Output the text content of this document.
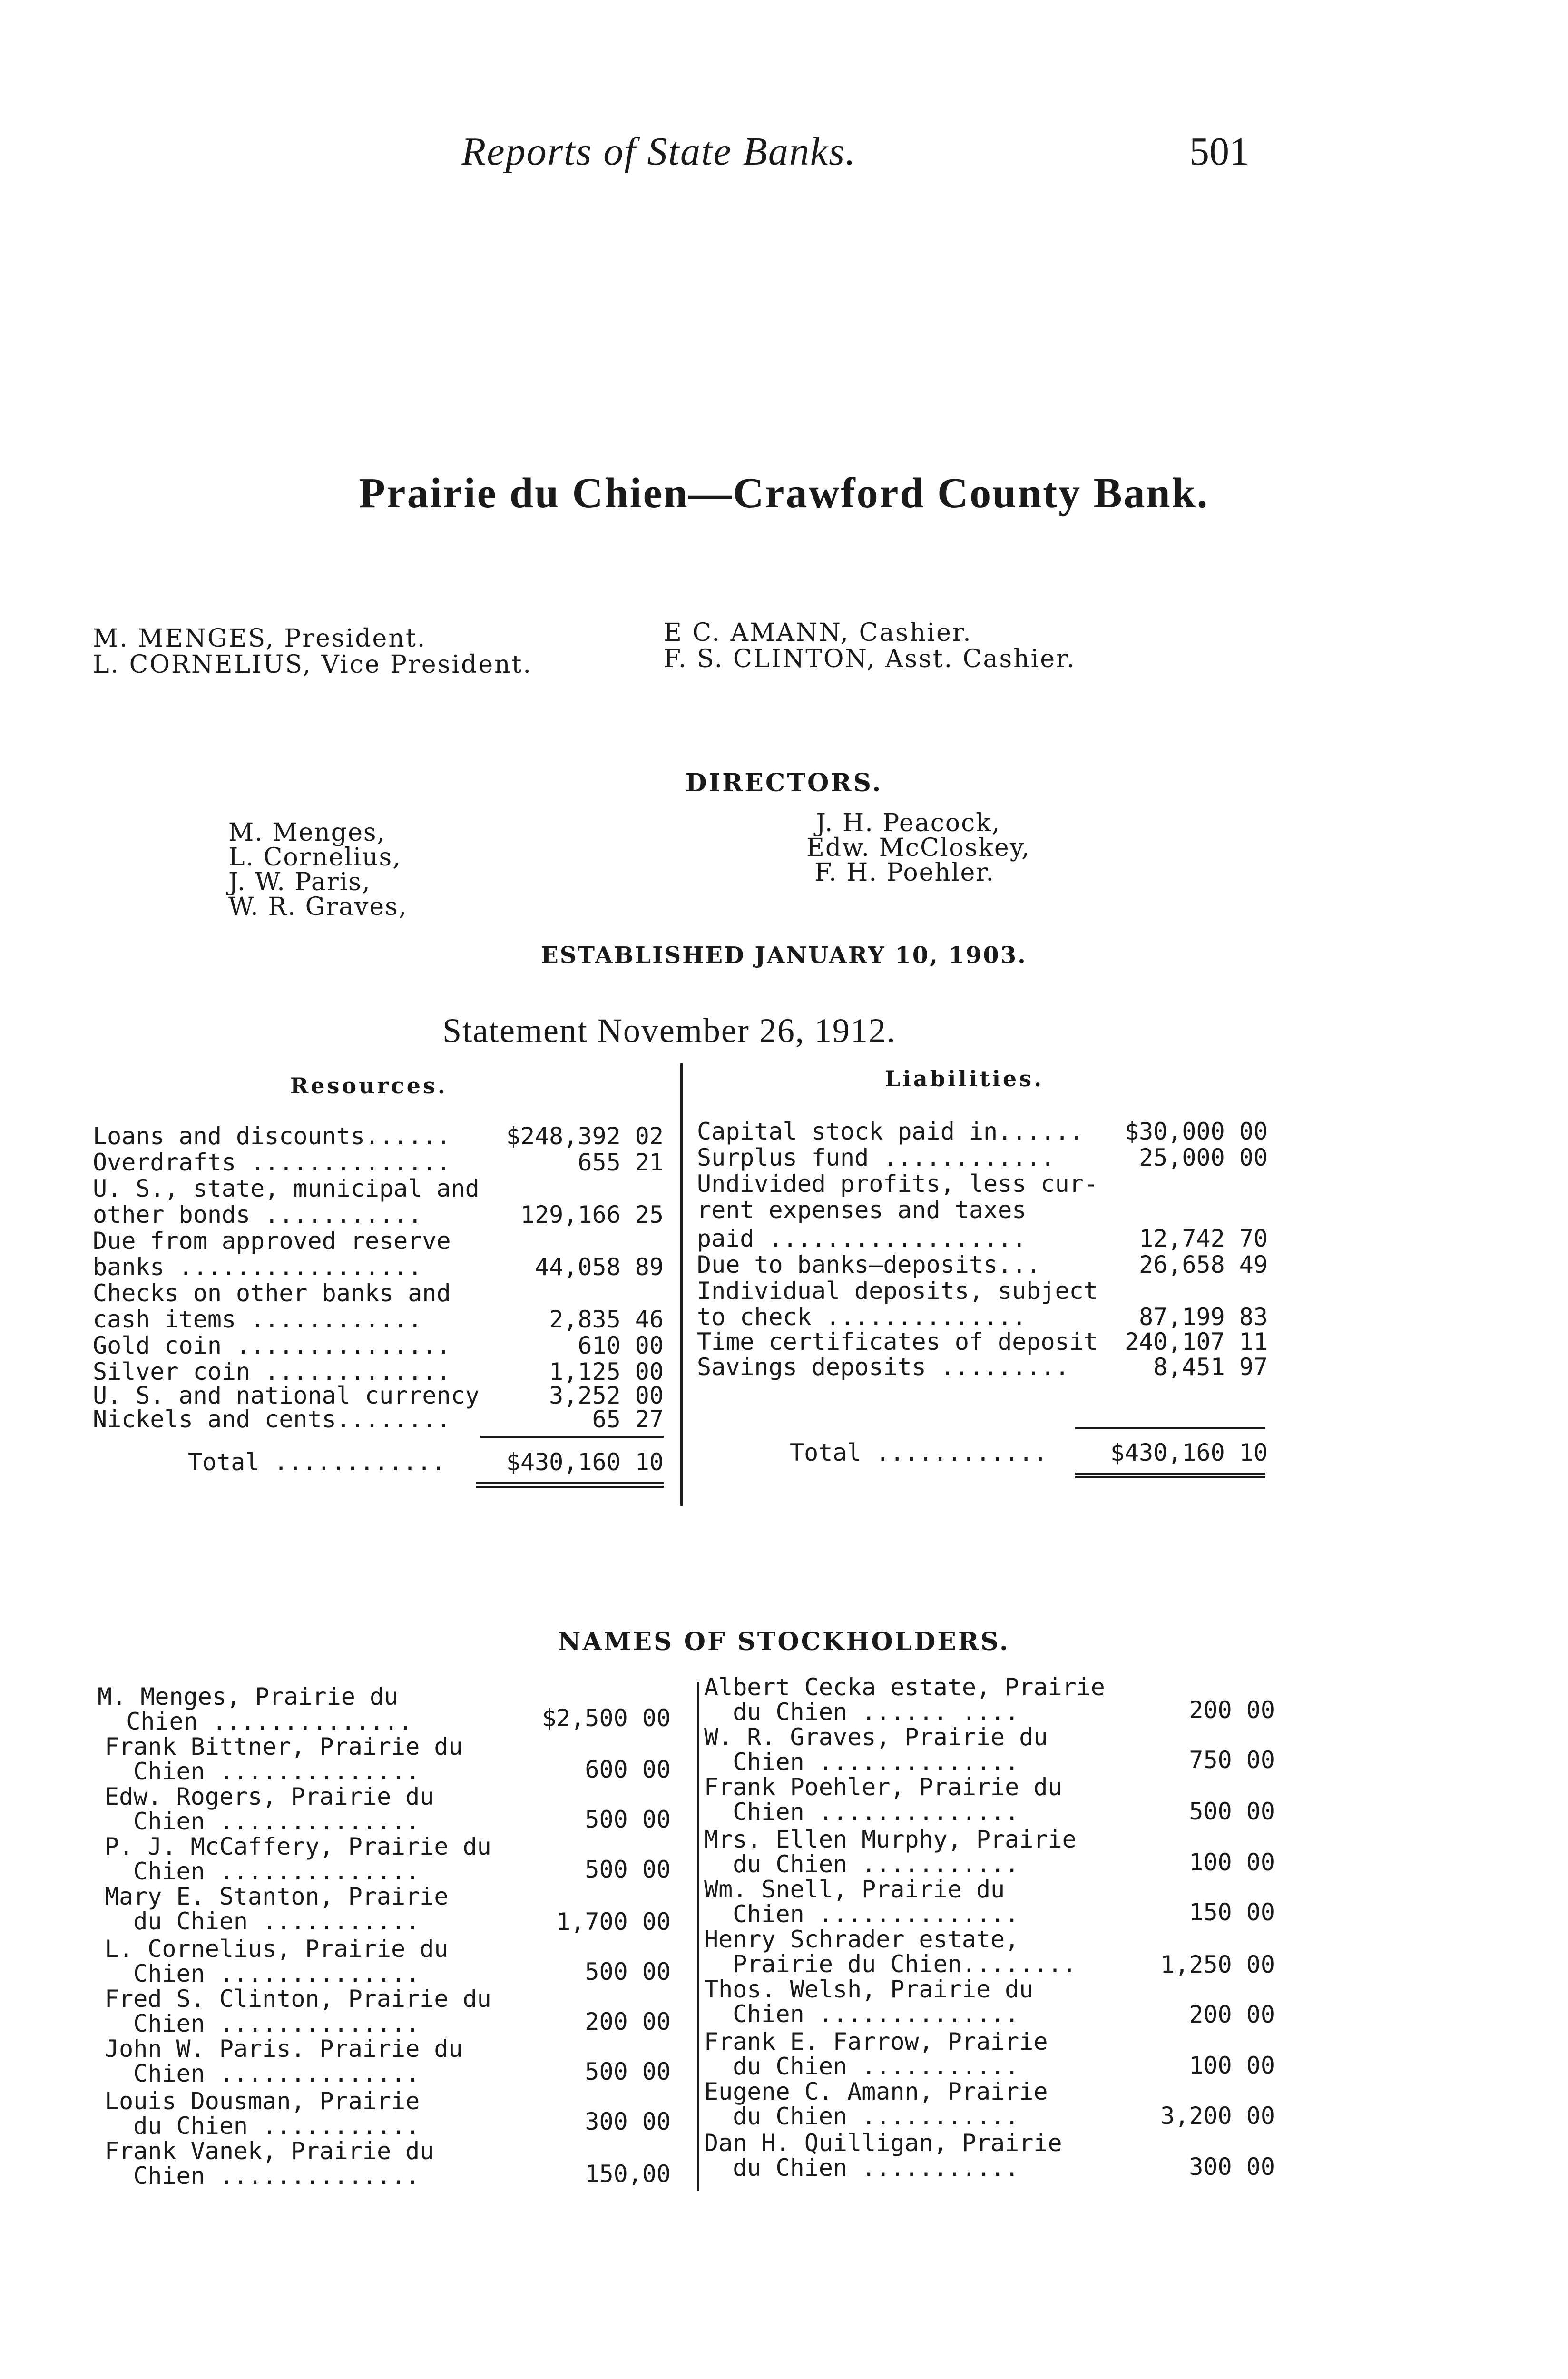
Reports of State Banks.	501
Prairie du Chien—Crawford County Bank.
M. MENGES, President.
L. CORNELIUS, Vice President.
E C. AMANN, Cashier.
F. S. CLINTON, Asst. Cashier.
DIRECTORS.
M. Menges,
L. Cornelius,
J. W. Paris,
W. R. Graves,
J. H. Peacock,
Edw. McCloskey,
F. H. Poehler.
ESTABLISHED JANUARY 10, 1903.
Statement November 26, 1912.
Resources.	Liabilities.
Loans and discounts...... $248,392 02
Overdrafts ..............	655 21
U. S., state, municipal and
other bonds ...........	129,166 25
Due from approved reserve
banks .................	44,058 89
Checks on other banks and
cash items ............	2,835 46
Gold coin ...............	610 00
Silver coin .............	1,125 00
U. S. and national currency	3,252 00
Nickels and cents........	65 27
Total ............	$430,160 10
Capital stock paid in...... $30,000 00
Surplus fund ............	25,000 00
Undivided profits, less cur-
rent expenses and taxes
paid ..................	12,742 70
Due to banks—deposits...	26,658 49
Individual deposits, subject
to check ..............	87,199 83
Time certificates of deposit 240,107 11
Savings deposits .........	8,451 97
Total ............	$430,160 10
NAMES OF STOCKHOLDERS.
M. Menges, Prairie du
Chien ..............	$2,500 00
Frank Bittner, Prairie du
Chien ..............	600 00
Edw. Rogers, Prairie du
Chien ..............	500 00
P. J. McCaffery, Prairie du
Chien ..............	500 00
Mary E. Stanton, Prairie
du Chien ...........	1,700 00
L. Cornelius, Prairie du
Chien ..............	500 00
Fred S. Clinton, Prairie du
Chien ..............	200 00
John W. Paris. Prairie du
Chien ..............	500 00
Louis Dousman, Prairie
du Chien ...........	300 00
Frank Vanek, Prairie du
Chien ..............	150,00
Albert Cecka estate, Prairie
du Chien ...... ....	200 00
W. R. Graves, Prairie du
Chien ..............	750 00
Frank Poehler, Prairie du
Chien ..............	500 00
Mrs. Ellen Murphy, Prairie
du Chien ...........	100 00
Wm. Snell, Prairie du
Chien ..............	150 00
Henry Schrader estate,
Prairie du Chien........	1,250 00
Thos. Welsh, Prairie du
Chien ..............	200 00
Frank E. Farrow, Prairie
du Chien ...........	100 00
Eugene C. Amann, Prairie
du Chien ...........	3,200 00
Dan H. Quilligan, Prairie
du Chien ...........	300 00
